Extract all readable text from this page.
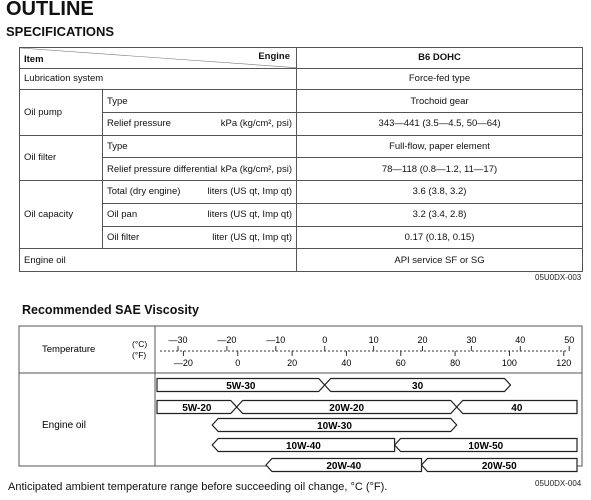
OUTLINE
SPECIFICATIONS
Item Engine		B6 DOHC
Lubrication system		Force-fed type
Oil pump	Type	Trochoid gear

	Relief pressure kPa (kg/cm², psi)	343—441 (3.5—4.5, 50—64)
Oil filter	Type	Full-flow, paper element

	Relief pressure differential kPa (kg/cm², psi)	78—118 (0.8—1.2, 11—17)
Oil capacity	Total (dry engine) liters (US qt, Imp qt)	3.6 (3.8, 3.2)

	Oil pan liters (US qt, Imp qt)	3.2 (3.4, 2.8)

	Oil filter liter (US qt, Imp qt)	0.17 (0.18, 0.15)
Engine oil		API service SF or SG
05U0DX-003
Recommended SAE Viscosity
Temperature	(°C)
(°F)
Engine oil
—30	—20	—10	0	10	20	30	40	50
—20	0	20	40	60	80	100	120
5W-30	30
5W-20	20W-20	40
10W-30
10W-40	10W-50
20W-40	20W-50
05U0DX-004
Anticipated ambient temperature range before succeeding oil change, °C (°F).
